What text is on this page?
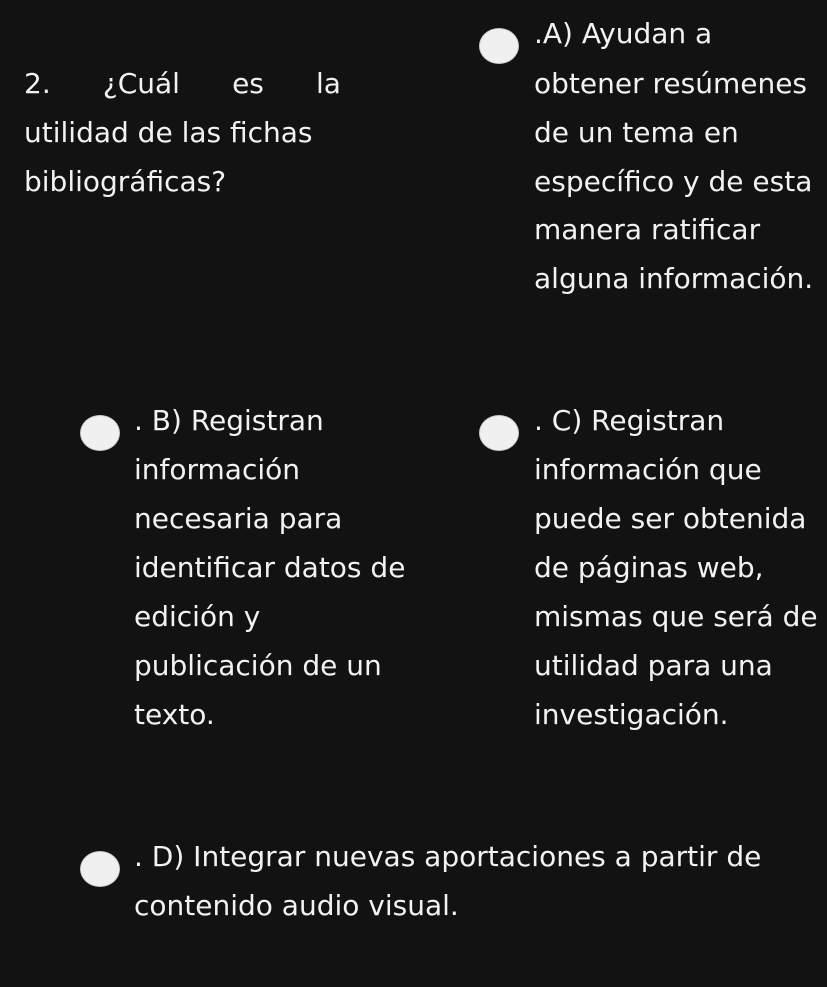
2. ¿Cuál es la
utilidad de las fichas
bibliográficas?
.A) Ayudan a
obtener resúmenes
de un tema en
específico y de esta
manera ratificar
alguna información.
. B) Registran
información
necesaria para
identificar datos de
edición y
publicación de un
texto.
. C) Registran
información que
puede ser obtenida
de páginas web,
mismas que será de
utilidad para una
investigación.
. D) Integrar nuevas aportaciones a partir de
contenido audio visual.
